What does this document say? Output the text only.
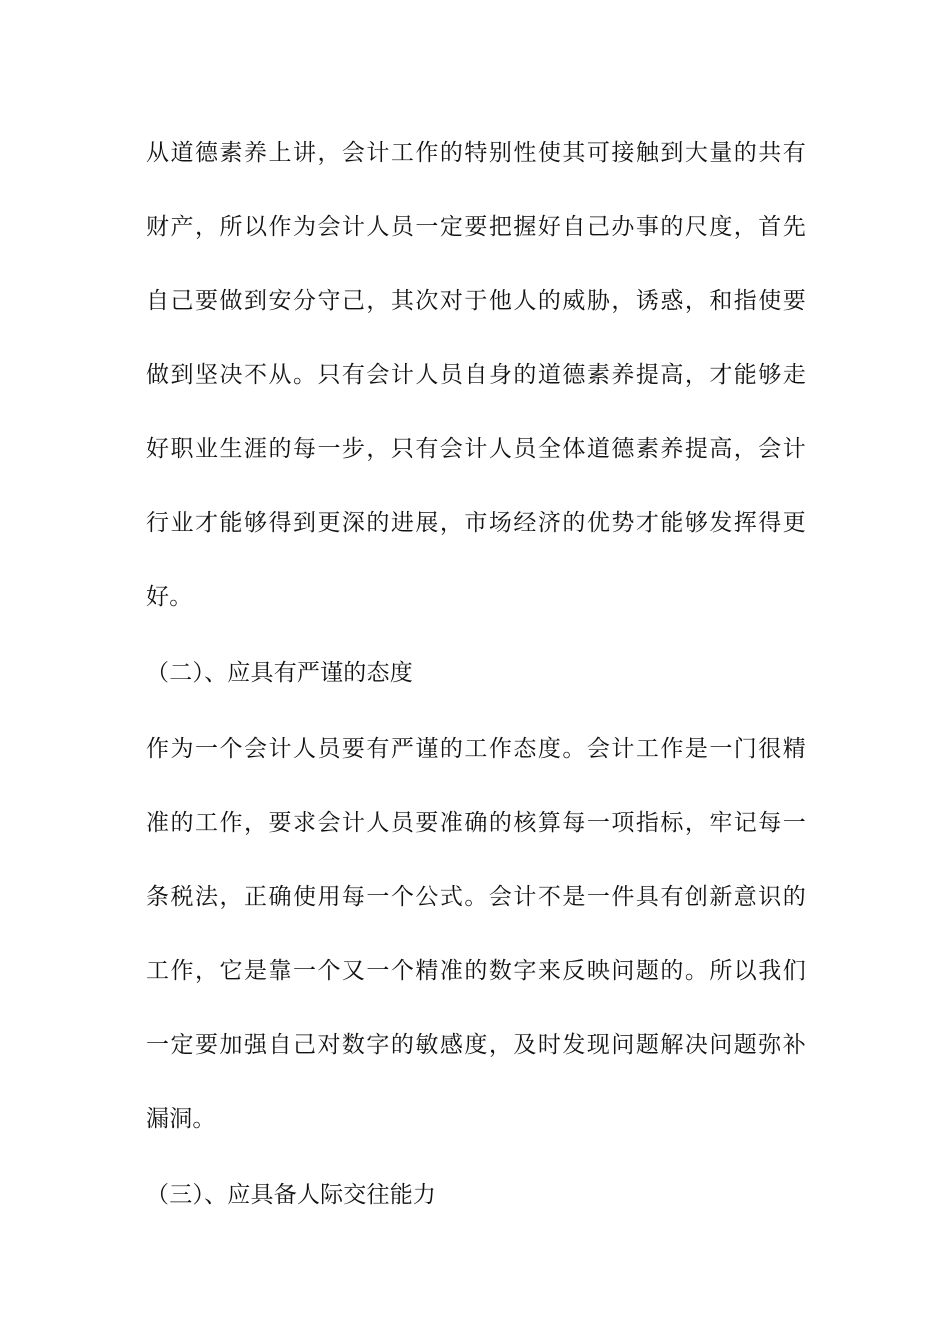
从道德素养上讲，会计工作的特别性使其可接触到大量的共有
财产，所以作为会计人员一定要把握好自己办事的尺度，首先
自己要做到安分守己，其次对于他人的威胁，诱惑，和指使要
做到坚决不从。只有会计人员自身的道德素养提高，才能够走
好职业生涯的每一步，只有会计人员全体道德素养提高，会计
行业才能够得到更深的进展，市场经济的优势才能够发挥得更
好。
（二）、应具有严谨的态度
作为一个会计人员要有严谨的工作态度。会计工作是一门很精
准的工作，要求会计人员要准确的核算每一项指标，牢记每一
条税法，正确使用每一个公式。会计不是一件具有创新意识的
工作，它是靠一个又一个精准的数字来反映问题的。所以我们
一定要加强自己对数字的敏感度，及时发现问题解决问题弥补
漏洞。
（三）、应具备人际交往能力
